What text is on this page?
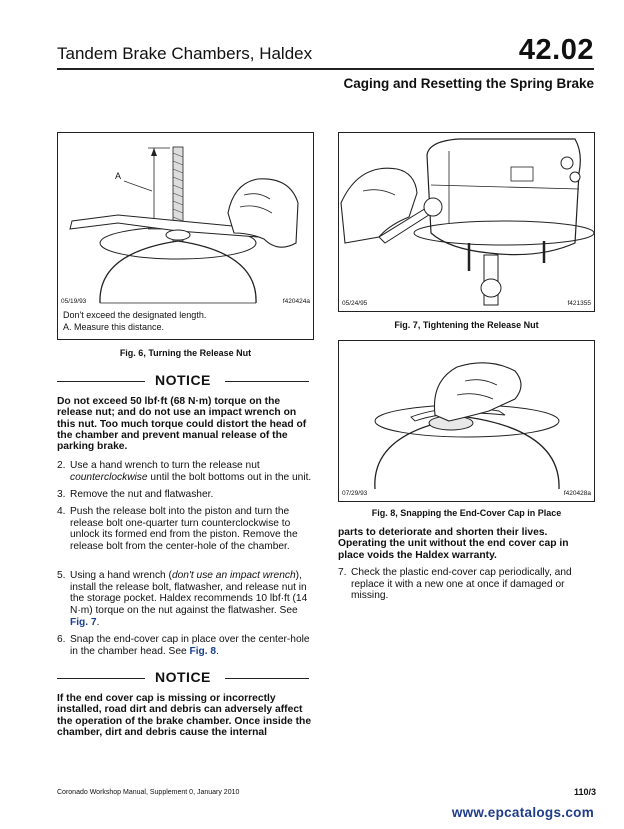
Tandem Brake Chambers, Haldex	42.02
Caging and Resetting the Spring Brake
A
05/19/93	f420424a
Don't exceed the designated length.
A. Measure this distance.
Fig. 6, Turning the Release Nut
05/24/95	f421355
Fig. 7, Tightening the Release Nut
07/29/93	f420428a
Fig. 8, Snapping the End-Cover Cap in Place
NOTICE
Do not exceed 50 lbf·ft (68 N·m) torque on the release nut; and do not use an impact wrench on this nut. Too much torque could distort the head of the chamber and prevent manual release of the parking brake.
2. Use a hand wrench to turn the release nut counterclockwise until the bolt bottoms out in the unit.
3. Remove the nut and flatwasher.
4. Push the release bolt into the piston and turn the release bolt one-quarter turn counterclockwise to unlock its formed end from the piston. Remove the release bolt from the center-hole of the chamber.
5. Using a hand wrench (don't use an impact wrench), install the release bolt, flatwasher, and release nut in the storage pocket. Haldex recommends 10 lbf·ft (14 N·m) torque on the nut against the flatwasher. See Fig. 7.
6. Snap the end-cover cap in place over the center-hole in the chamber head. See Fig. 8.
NOTICE
If the end cover cap is missing or incorrectly installed, road dirt and debris can adversely affect the operation of the brake chamber. Once inside the chamber, dirt and debris cause the internal
parts to deteriorate and shorten their lives. Operating the unit without the end cover cap in place voids the Haldex warranty.
7. Check the plastic end-cover cap periodically, and replace it with a new one at once if damaged or missing.
Coronado Workshop Manual, Supplement 0, January 2010	110/3
www.epcatalogs.com
